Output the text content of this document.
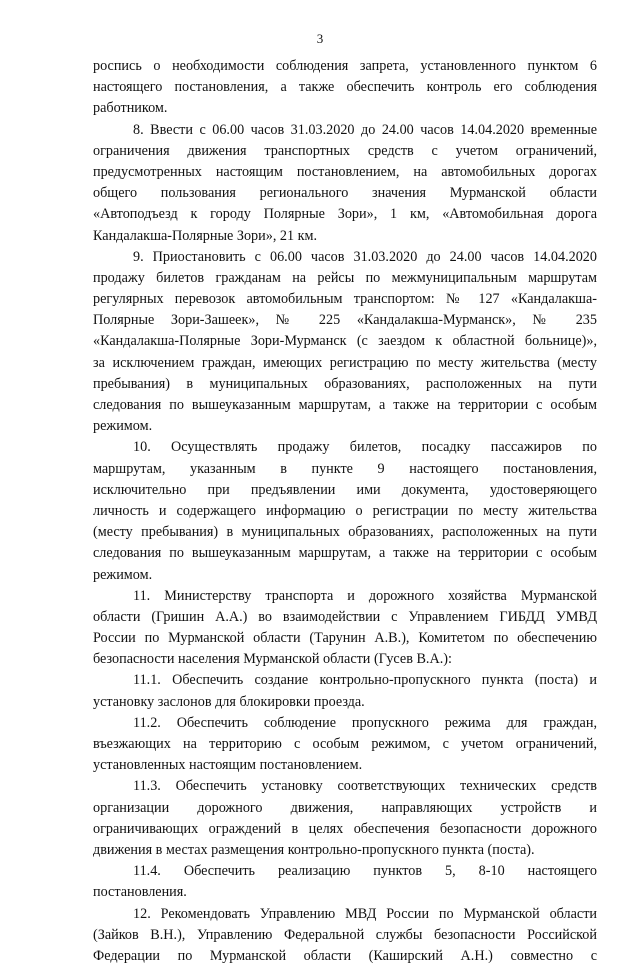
3
роспись о необходимости соблюдения запрета, установленного пунктом 6
настоящего постановления, а также обеспечить контроль его соблюдения
работником.
8. Ввести с 06.00 часов 31.03.2020 до 24.00 часов 14.04.2020 временные
ограничения движения транспортных средств с учетом ограничений,
предусмотренных настоящим постановлением, на автомобильных дорогах
общего пользования регионального значения Мурманской области
«Автоподъезд к городу Полярные Зори», 1 км, «Автомобильная дорога
Кандалакша-Полярные Зори», 21 км.
9. Приостановить с 06.00 часов 31.03.2020 до 24.00 часов 14.04.2020
продажу билетов гражданам на рейсы по межмуниципальным маршрутам
регулярных перевозок автомобильным транспортом: № 127 «Кандалакша-
Полярные Зори-Зашеек», № 225 «Кандалакша-Мурманск», № 235
«Кандалакша-Полярные Зори-Мурманск (с заездом к областной больнице)»,
за исключением граждан, имеющих регистрацию по месту жительства (месту
пребывания) в муниципальных образованиях, расположенных на пути
следования по вышеуказанным маршрутам, а также на территории с особым
режимом.
10. Осуществлять продажу билетов, посадку пассажиров по
маршрутам, указанным в пункте 9 настоящего постановления,
исключительно при предъявлении ими документа, удостоверяющего
личность и содержащего информацию о регистрации по месту жительства
(месту пребывания) в муниципальных образованиях, расположенных на пути
следования по вышеуказанным маршрутам, а также на территории с особым
режимом.
11. Министерству транспорта и дорожного хозяйства Мурманской
области (Гришин А.А.) во взаимодействии с Управлением ГИБДД УМВД
России по Мурманской области (Тарунин А.В.), Комитетом по обеспечению
безопасности населения Мурманской области (Гусев В.А.):
11.1. Обеспечить создание контрольно-пропускного пункта (поста) и
установку заслонов для блокировки проезда.
11.2. Обеспечить соблюдение пропускного режима для граждан,
въезжающих на территорию с особым режимом, с учетом ограничений,
установленных настоящим постановлением.
11.3. Обеспечить установку соответствующих технических средств
организации дорожного движения, направляющих устройств и
ограничивающих ограждений в целях обеспечения безопасности дорожного
движения в местах размещения контрольно-пропускного пункта (поста).
11.4. Обеспечить реализацию пунктов 5, 8-10 настоящего
постановления.
12. Рекомендовать Управлению МВД России по Мурманской области
(Зайков В.Н.), Управлению Федеральной службы безопасности Российской
Федерации по Мурманской области (Каширский А.Н.) совместно с
